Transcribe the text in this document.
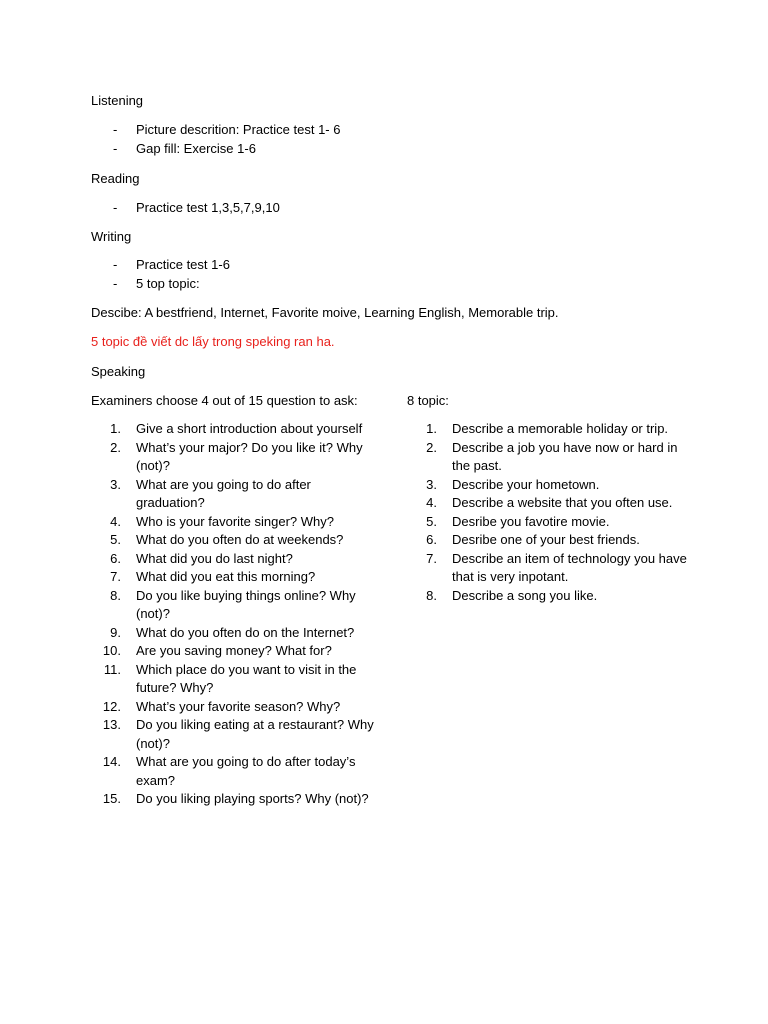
Listening
- Picture descrition: Practice test 1- 6
- Gap fill: Exercise 1-6
Reading
- Practice test 1,3,5,7,9,10
Writing
- Practice test 1-6
- 5 top topic:
Descibe: A bestfriend, Internet, Favorite moive, Learning English, Memorable trip.
5 topic đề viết dc lấy trong speking ran ha.
Speaking
Examiners choose 4 out of 15 question to ask:	8 topic:
1. Give a short introduction about yourself
2. What’s your major? Do you like it? Why (not)?
3. What are you going to do after graduation?
4. Who is your favorite singer? Why?
5. What do you often do at weekends?
6. What did you do last night?
7. What did you eat this morning?
8. Do you like buying things online? Why (not)?
9. What do you often do on the Internet?
10. Are you saving money? What for?
11. Which place do you want to visit in the future? Why?
12. What’s your favorite season? Why?
13. Do you liking eating at a restaurant? Why (not)?
14. What are you going to do after today’s exam?
15. Do you liking playing sports? Why (not)?
1. Describe a memorable holiday or trip.
2. Describe a job you have now or hard in the past.
3. Describe your hometown.
4. Describe a website that you often use.
5. Desribe you favotire movie.
6. Desribe one of your best friends.
7. Describe an item of technology you have that is very inpotant.
8. Describe a song you like.
